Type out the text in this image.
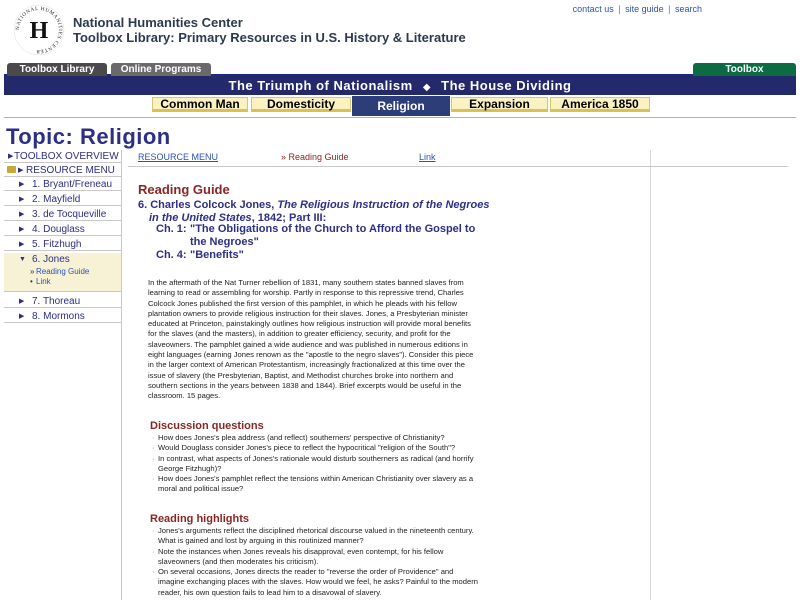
NATIONAL HUMANITIES CENTER
H National Humanities Center
Toolbox Library: Primary Resources in U.S. History & Literature
contact us | site guide | search
Toolbox Library	Online Programs	Toolbox
The Triumph of Nationalism ◆ The House Dividing
Common Man	Domesticity	Religion	Expansion	America 1850
Topic: Religion
▶ TOOLBOX OVERVIEW
▶ RESOURCE MENU
▶ 1. Bryant/Freneau
▶ 2. Mayfield
▶ 3. de Tocqueville
▶ 4. Douglass
▶ 5. Fitzhugh
▼ 6. Jones
» Reading Guide
• Link
▶ 7. Thoreau
▶ 8. Mormons
RESOURCE MENU	» Reading Guide	Link
Reading Guide
6. Charles Colcock Jones, The Religious Instruction of the Negroes
in the United States, 1842; Part III:
Ch. 1: "The Obligations of the Church to Afford the Gospel to the Negroes"
Ch. 4: "Benefits"
In the aftermath of the Nat Turner rebellion of 1831, many southern states banned slaves from learning to read or assembling for worship. Partly in response to this repressive trend, Charles Colcock Jones published the first version of this pamphlet, in which he pleads with his fellow plantation owners to provide religious instruction for their slaves. Jones, a Presbyterian minister educated at Princeton, painstakingly outlines how religious instruction will provide moral benefits for the slaves (and the masters), in addition to greater efficiency, security, and profit for the slaveowners. The pamphlet gained a wide audience and was published in numerous editions in eight languages (earning Jones renown as the "apostle to the negro slaves"). Consider this piece in the larger context of American Protestantism, increasingly fractionalized at this time over the issue of slavery (the Presbyterian, Baptist, and Methodist churches broke into northern and southern sections in the years between 1838 and 1844). Brief excerpts would be useful in the classroom. 15 pages.
Discussion questions
· How does Jones's plea address (and reflect) southerners' perspective of Christianity?
· Would Douglass consider Jones's piece to reflect the hypocritical "religion of the South"?
· In contrast, what aspects of Jones's rationale would disturb southerners as radical (and horrify George Fitzhugh)?
· How does Jones's pamphlet reflect the tensions within American Christianity over slavery as a moral and political issue?
Reading highlights
· Jones's arguments reflect the disciplined rhetorical discourse valued in the nineteenth century. What is gained and lost by arguing in this routinized manner?
· Note the instances when Jones reveals his disapproval, even contempt, for his fellow slaveowners (and then moderates his criticism).
· On several occasions, Jones directs the reader to "reverse the order of Providence" and imagine exchanging places with the slaves. How would we feel, he asks? Painful to the modern reader, his own question fails to lead him to a disavowal of slavery.
